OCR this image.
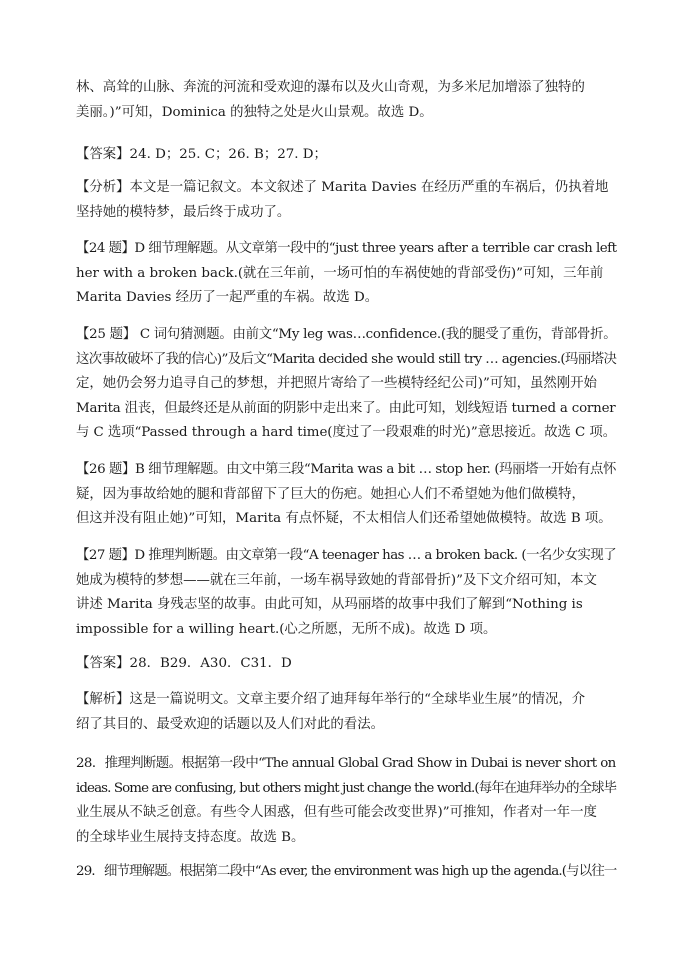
林、高耸的山脉、奔流的河流和受欢迎的瀑布以及火山奇观，为多米尼加增添了独特的
美丽。)”可知，Dominica 的独特之处是火山景观。故选 D。
【答案】24. D；25. C；26. B；27. D；
【分析】本文是一篇记叙文。本文叙述了 Marita Davies 在经历严重的车祸后，仍执着地
坚持她的模特梦，最后终于成功了。
【24 题】D 细节理解题。从文章第一段中的“just three years after a terrible car crash left
her with a broken back.(就在三年前，一场可怕的车祸使她的背部受伤)”可知，三年前
Marita Davies 经历了一起严重的车祸。故选 D。
【25 题】 C 词句猜测题。由前文“My leg was…confidence.(我的腿受了重伤，背部骨折。
这次事故破坏了我的信心)”及后文“Marita decided she would still try … agencies.(玛丽塔决
定，她仍会努力追寻自己的梦想，并把照片寄给了一些模特经纪公司)”可知，虽然刚开始
Marita 沮丧，但最终还是从前面的阴影中走出来了。由此可知，划线短语 turned a corner
与 C 选项“Passed through a hard time(度过了一段艰难的时光)”意思接近。故选 C 项。
【26 题】B 细节理解题。由文中第三段“Marita was a bit … stop her. (玛丽塔一开始有点怀
疑，因为事故给她的腿和背部留下了巨大的伤疤。她担心人们不希望她为他们做模特，
但这并没有阻止她)”可知，Marita 有点怀疑，不太相信人们还希望她做模特。故选 B 项。
【27 题】D 推理判断题。由文章第一段“A teenager has … a broken back. (一名少女实现了
她成为模特的梦想——就在三年前，一场车祸导致她的背部骨折)”及下文介绍可知，本文
讲述 Marita 身残志坚的故事。由此可知，从玛丽塔的故事中我们了解到“Nothing is
impossible for a willing heart.(心之所愿，无所不成)。故选 D 项。
【答案】28．B29．A30．C31．D
【解析】这是一篇说明文。文章主要介绍了迪拜每年举行的“全球毕业生展”的情况，介
绍了其目的、最受欢迎的话题以及人们对此的看法。
28．推理判断题。根据第一段中“The annual Global Grad Show in Dubai is never short on
ideas. Some are confusing, but others might just change the world.(每年在迪拜举办的全球毕
业生展从不缺乏创意。有些令人困惑，但有些可能会改变世界)”可推知，作者对一年一度
的全球毕业生展持支持态度。故选 B。
29．细节理解题。根据第二段中“As ever, the environment was high up the agenda.(与以往一
